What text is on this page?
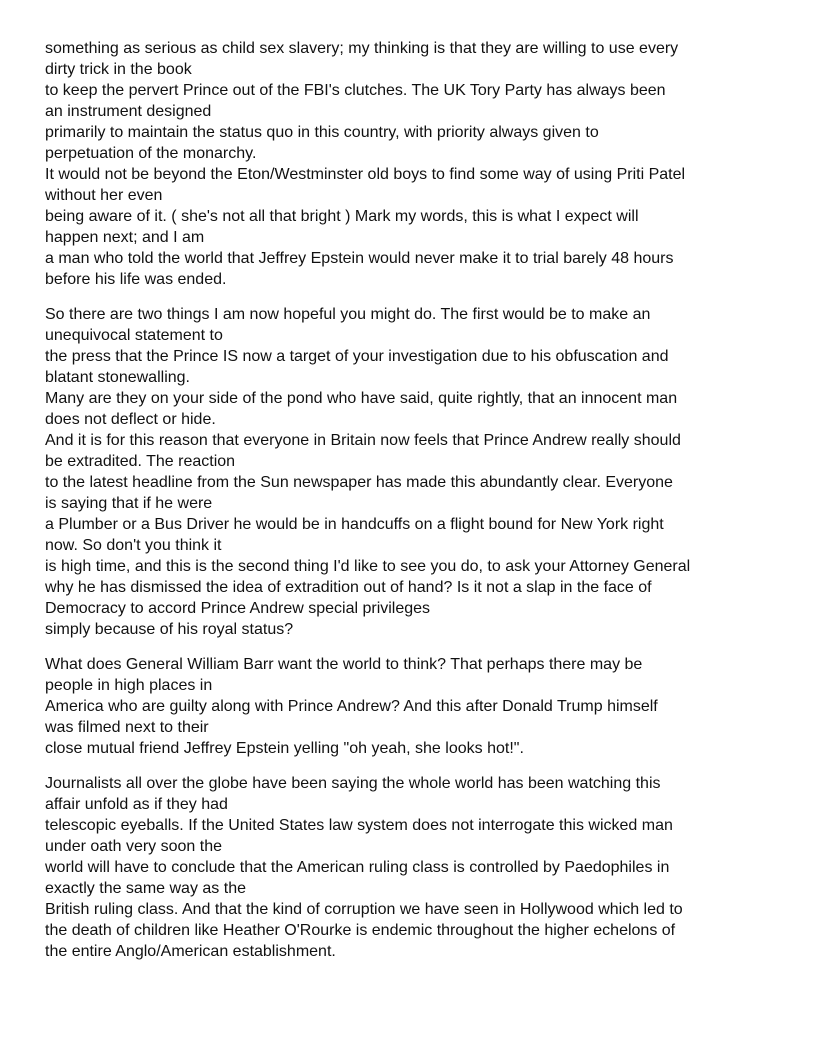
something as serious as child sex slavery; my thinking is that they are willing to use every
dirty trick in the book
to keep the pervert Prince out of the FBI's clutches. The UK Tory Party has always been
an instrument designed
primarily to maintain the status quo in this country, with priority always given to
perpetuation of the monarchy.
It would not be beyond the Eton/Westminster old boys to find some way of using Priti Patel
without her even
being aware of it. ( she's not all that bright ) Mark my words, this is what I expect will
happen next; and I am
a man who told the world that Jeffrey Epstein would never make it to trial barely 48 hours
before his life was ended.
So there are two things I am now hopeful you might do. The first would be to make an
unequivocal statement to
the press that the Prince IS now a target of your investigation due to his obfuscation and
blatant stonewalling.
Many are they on your side of the pond who have said, quite rightly, that an innocent man
does not deflect or hide.
And it is for this reason that everyone in Britain now feels that Prince Andrew really should
be extradited. The reaction
to the latest headline from the Sun newspaper has made this abundantly clear. Everyone
is saying that if he were
a Plumber or a Bus Driver he would be in handcuffs on a flight bound for New York right
now. So don't you think it
is high time, and this is the second thing I'd like to see you do, to ask your Attorney General
why he has dismissed the idea of extradition out of hand? Is it not a slap in the face of
Democracy to accord Prince Andrew special privileges
simply because of his royal status?
What does General William Barr want the world to think? That perhaps there may be
people in high places in
America who are guilty along with Prince Andrew? And this after Donald Trump himself
was filmed next to their
close mutual friend Jeffrey Epstein yelling "oh yeah, she looks hot!".
Journalists all over the globe have been saying the whole world has been watching this
affair unfold as if they had
telescopic eyeballs. If the United States law system does not interrogate this wicked man
under oath very soon the
world will have to conclude that the American ruling class is controlled by Paedophiles in
exactly the same way as the
British ruling class. And that the kind of corruption we have seen in Hollywood which led to
the death of children like Heather O'Rourke is endemic throughout the higher echelons of
the entire Anglo/American establishment.
